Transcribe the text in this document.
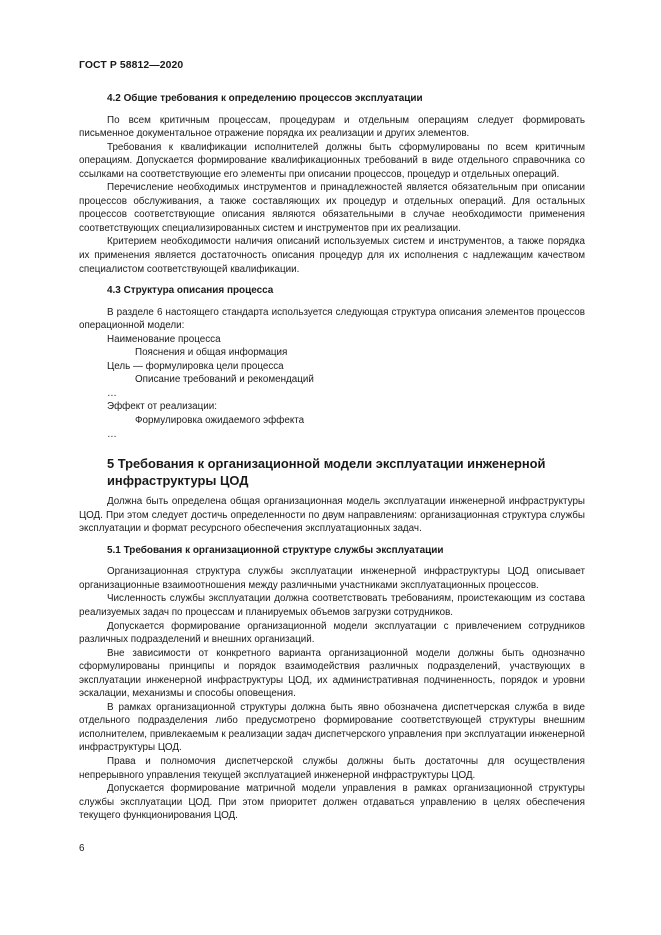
ГОСТ Р 58812—2020
4.2 Общие требования к определению процессов эксплуатации

По всем критичным процессам, процедурам и отдельным операциям следует формировать письменное документальное отражение порядка их реализации и других элементов.

Требования к квалификации исполнителей должны быть сформулированы по всем критичным операциям. Допускается формирование квалификационных требований в виде отдельного справочника со ссылками на соответствующие его элементы при описании процессов, процедур и отдельных операций.

Перечисление необходимых инструментов и принадлежностей является обязательным при описании процессов обслуживания, а также составляющих их процедур и отдельных операций. Для остальных процессов соответствующие описания являются обязательными в случае необходимости применения соответствующих специализированных систем и инструментов при их реализации.

Критерием необходимости наличия описаний используемых систем и инструментов, а также порядка их применения является достаточность описания процедур для их исполнения с надлежащим качеством специалистом соответствующей квалификации.

4.3 Структура описания процесса

В разделе 6 настоящего стандарта используется следующая структура описания элементов процессов операционной модели:

Наименование процесса
Пояснения и общая информация
Цель — формулировка цели процесса
Описание требований и рекомендаций
…
Эффект от реализации:
Формулировка ожидаемого эффекта
…
5 Требования к организационной модели эксплуатации инженерной инфраструктуры ЦОД

Должна быть определена общая организационная модель эксплуатации инженерной инфраструктуры ЦОД. При этом следует достичь определенности по двум направлениям: организационная структура службы эксплуатации и формат ресурсного обеспечения эксплуатационных задач.

5.1 Требования к организационной структуре службы эксплуатации

Организационная структура службы эксплуатации инженерной инфраструктуры ЦОД описывает организационные взаимоотношения между различными участниками эксплуатационных процессов.

Численность службы эксплуатации должна соответствовать требованиям, проистекающим из состава реализуемых задач по процессам и планируемых объемов загрузки сотрудников.

Допускается формирование организационной модели эксплуатации с привлечением сотрудников различных подразделений и внешних организаций.

Вне зависимости от конкретного варианта организационной модели должны быть однозначно сформулированы принципы и порядок взаимодействия различных подразделений, участвующих в эксплуатации инженерной инфраструктуры ЦОД, их административная подчиненность, порядок и уровни эскалации, механизмы и способы оповещения.

В рамках организационной структуры должна быть явно обозначена диспетчерская служба в виде отдельного подразделения либо предусмотрено формирование соответствующей структуры внешним исполнителем, привлекаемым к реализации задач диспетчерского управления при эксплуатации инженерной инфраструктуры ЦОД.

Права и полномочия диспетчерской службы должны быть достаточны для осуществления непрерывного управления текущей эксплуатацией инженерной инфраструктуры ЦОД.

Допускается формирование матричной модели управления в рамках организационной структуры службы эксплуатации ЦОД. При этом приоритет должен отдаваться управлению в целях обеспечения текущего функционирования ЦОД.

6
